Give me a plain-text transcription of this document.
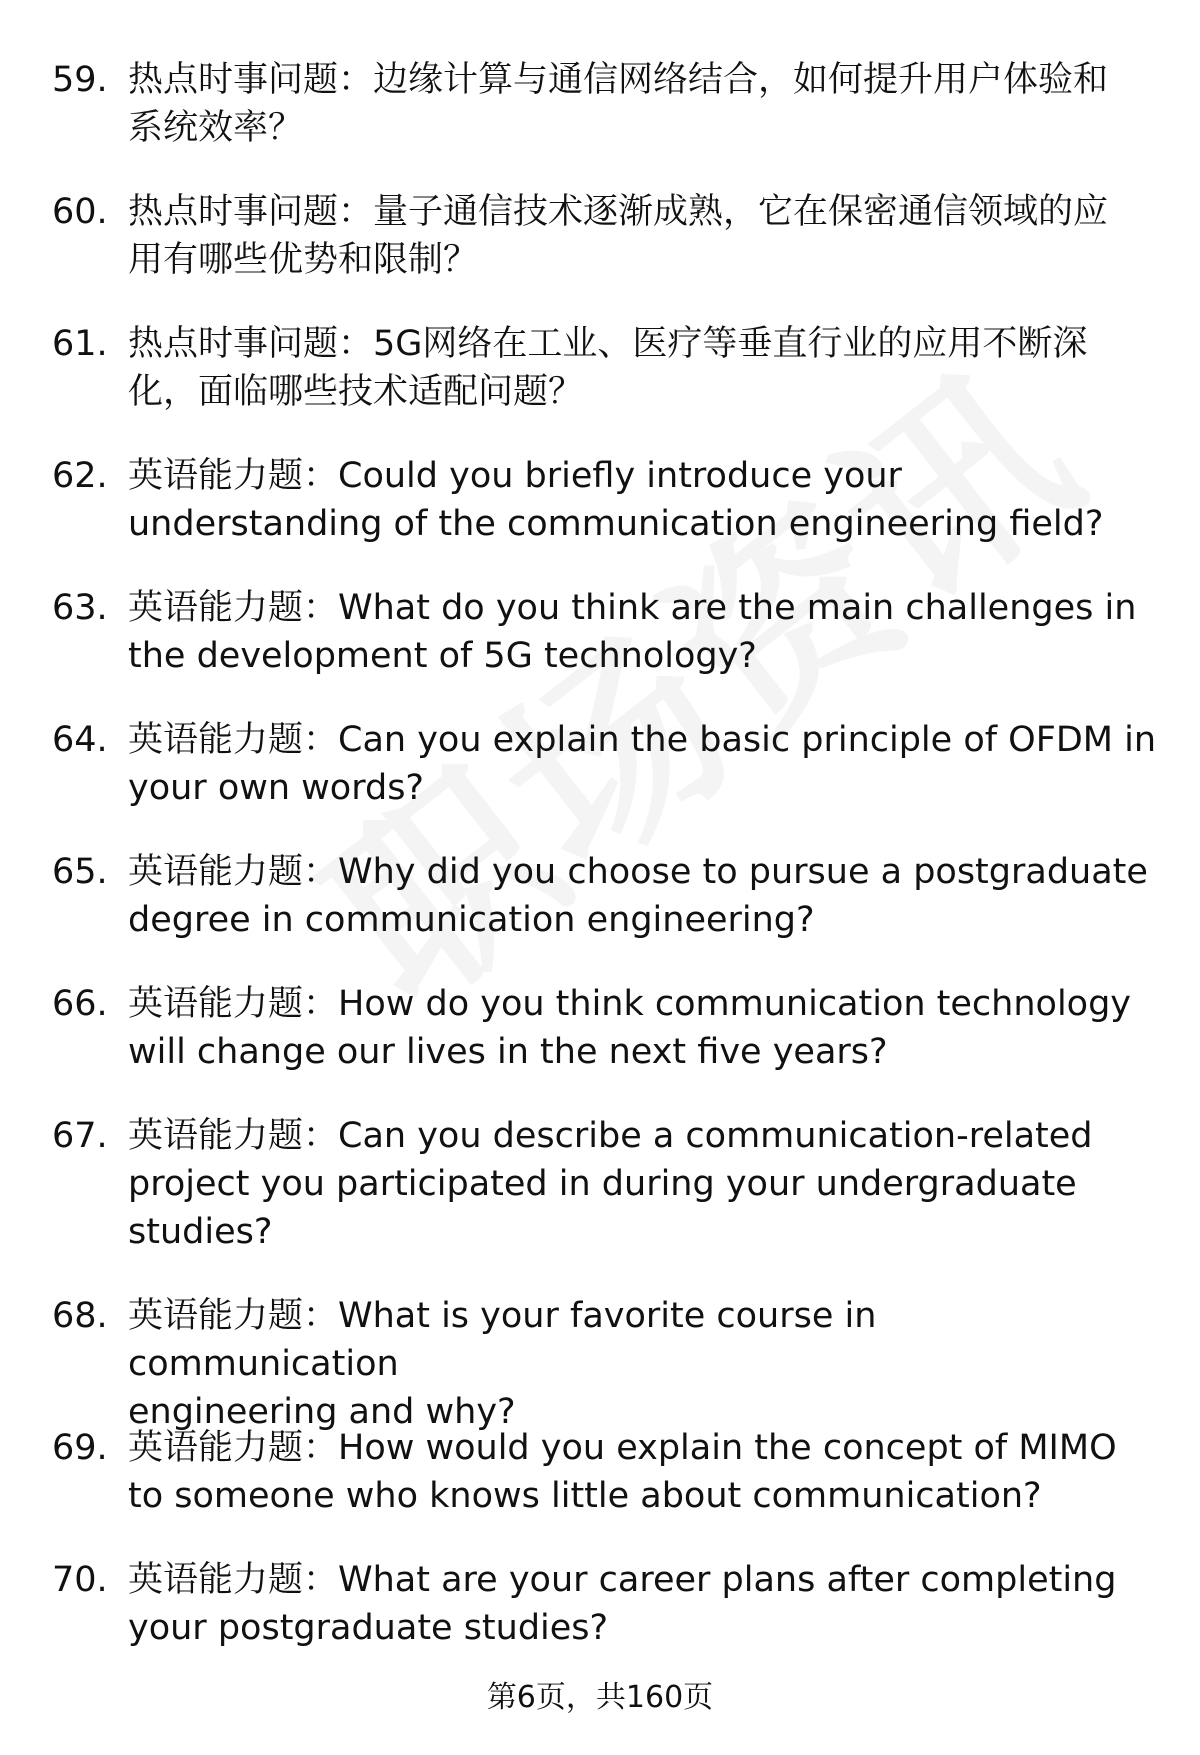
59. 热点时事问题：边缘计算与通信网络结合，如何提升用户体验和
系统效率？
60. 热点时事问题：量子通信技术逐渐成熟，它在保密通信领域的应
用有哪些优势和限制？
61. 热点时事问题：5G网络在工业、医疗等垂直行业的应用不断深
化，面临哪些技术适配问题？
62. 英语能力题：Could you briefly introduce your
understanding of the communication engineering field?
63. 英语能力题：What do you think are the main challenges in
the development of 5G technology?
64. 英语能力题：Can you explain the basic principle of OFDM in
your own words?
65. 英语能力题：Why did you choose to pursue a postgraduate
degree in communication engineering?
66. 英语能力题：How do you think communication technology
will change our lives in the next five years?
67. 英语能力题：Can you describe a communication-related
project you participated in during your undergraduate
studies?
68. 英语能力题：What is your favorite course in communication
engineering and why?
69. 英语能力题：How would you explain the concept of MIMO
to someone who knows little about communication?
70. 英语能力题：What are your career plans after completing
your postgraduate studies?
第6页，共160页
